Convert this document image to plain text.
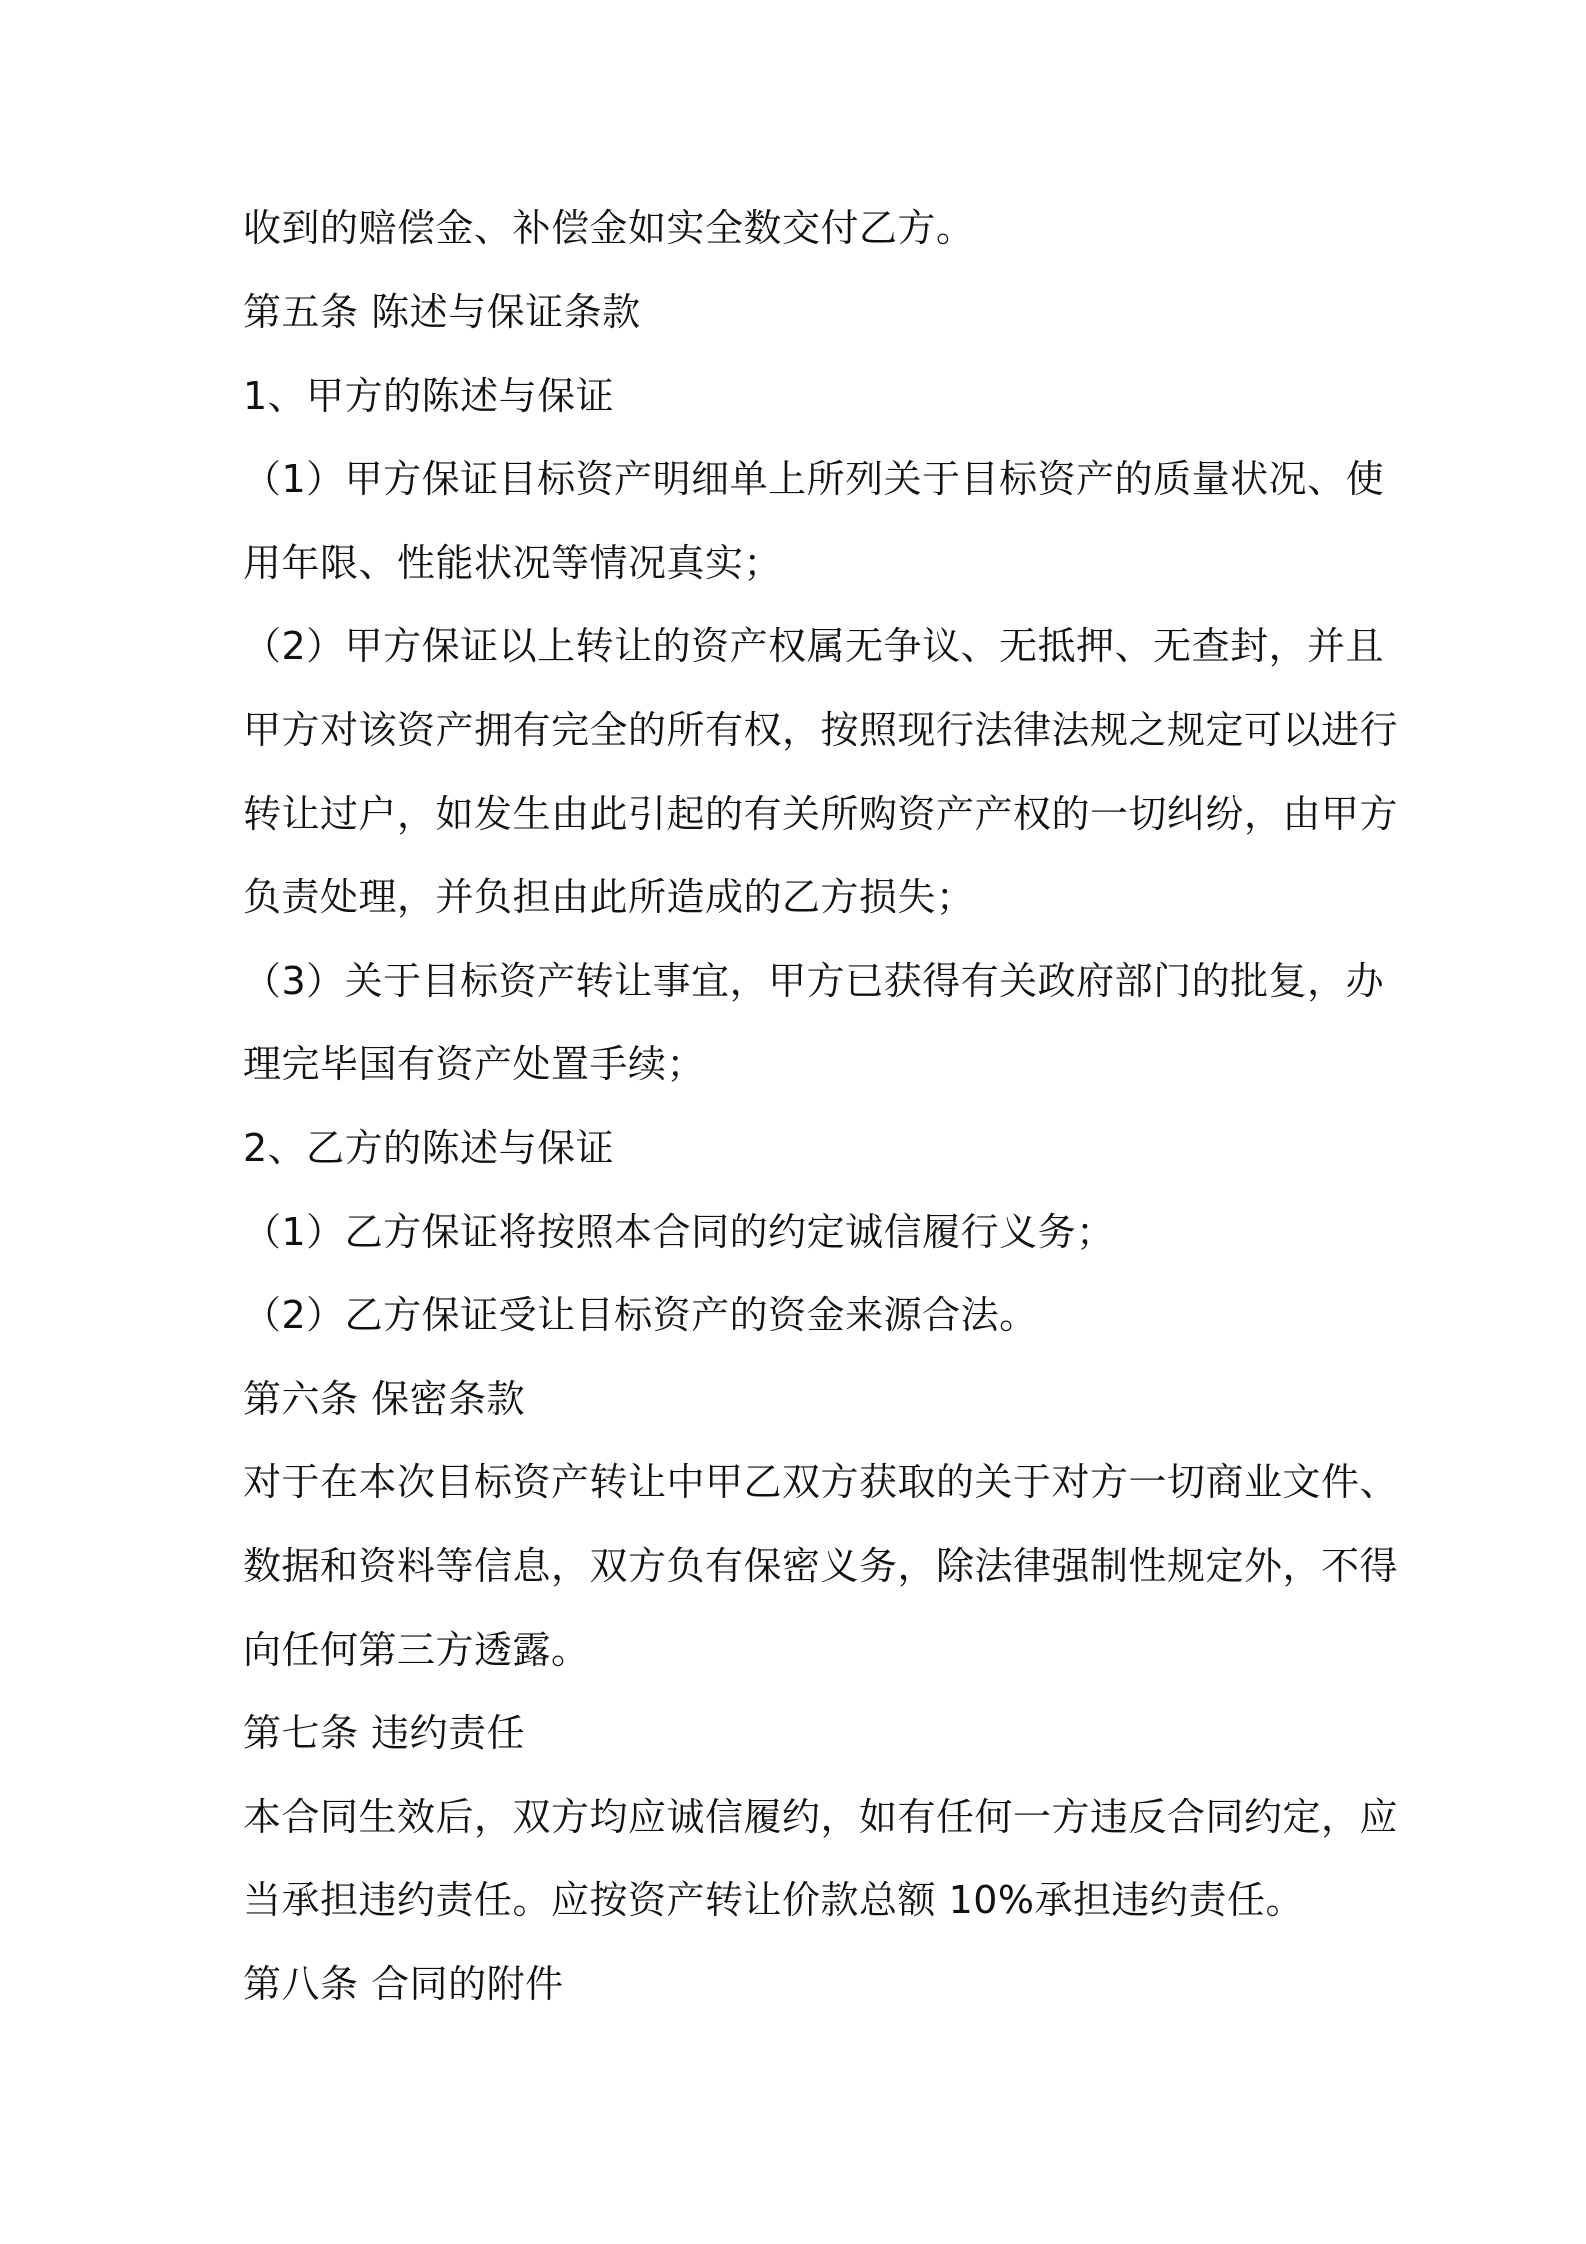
收到的赔偿金、补偿金如实全数交付乙方。

第五条 陈述与保证条款

1、甲方的陈述与保证

（1）甲方保证目标资产明细单上所列关于目标资产的质量状况、使

用年限、性能状况等情况真实；

（2）甲方保证以上转让的资产权属无争议、无抵押、无查封，并且

甲方对该资产拥有完全的所有权，按照现行法律法规之规定可以进行

转让过户，如发生由此引起的有关所购资产产权的一切纠纷，由甲方

负责处理，并负担由此所造成的乙方损失；

（3）关于目标资产转让事宜，甲方已获得有关政府部门的批复，办

理完毕国有资产处置手续；

2、乙方的陈述与保证

（1）乙方保证将按照本合同的约定诚信履行义务；

（2）乙方保证受让目标资产的资金来源合法。

第六条 保密条款

对于在本次目标资产转让中甲乙双方获取的关于对方一切商业文件、

数据和资料等信息，双方负有保密义务，除法律强制性规定外，不得

向任何第三方透露。

第七条 违约责任

本合同生效后，双方均应诚信履约，如有任何一方违反合同约定，应

当承担违约责任。应按资产转让价款总额 10%承担违约责任。

第八条 合同的附件
